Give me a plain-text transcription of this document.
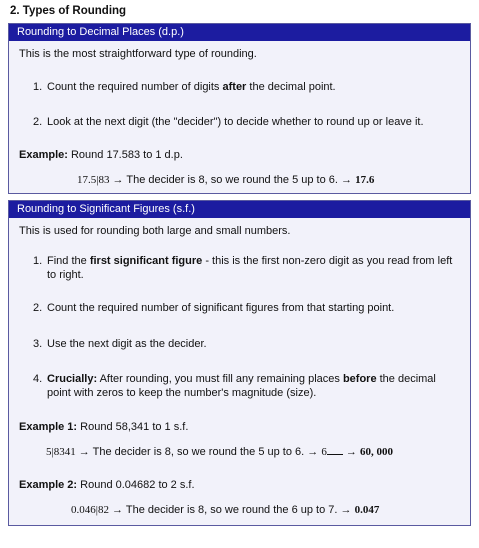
2. Types of Rounding
Rounding to Decimal Places (d.p.)

This is the most straightforward type of rounding.

1. Count the required number of digits after the decimal point.
2. Look at the next digit (the "decider") to decide whether to round up or leave it.
Example: Round 17.583 to 1 d.p.
17.5|83 → The decider is 8, so we round the 5 up to 6. → 17.6
Rounding to Significant Figures (s.f.)

This is used for rounding both large and small numbers.

1. Find the first significant figure - this is the first non-zero digit as you read from left to right.
2. Count the required number of significant figures from that starting point.
3. Use the next digit as the decider.
4. Crucially: After rounding, you must fill any remaining places before the decimal point with zeros to keep the number's magnitude (size).
Example 1: Round 58,341 to 1 s.f.
5|8341 → The decider is 8, so we round the 5 up to 6. → 6 → 60, 000
Example 2: Round 0.04682 to 2 s.f.
0.046|82 → The decider is 8, so we round the 6 up to 7. → 0.047
